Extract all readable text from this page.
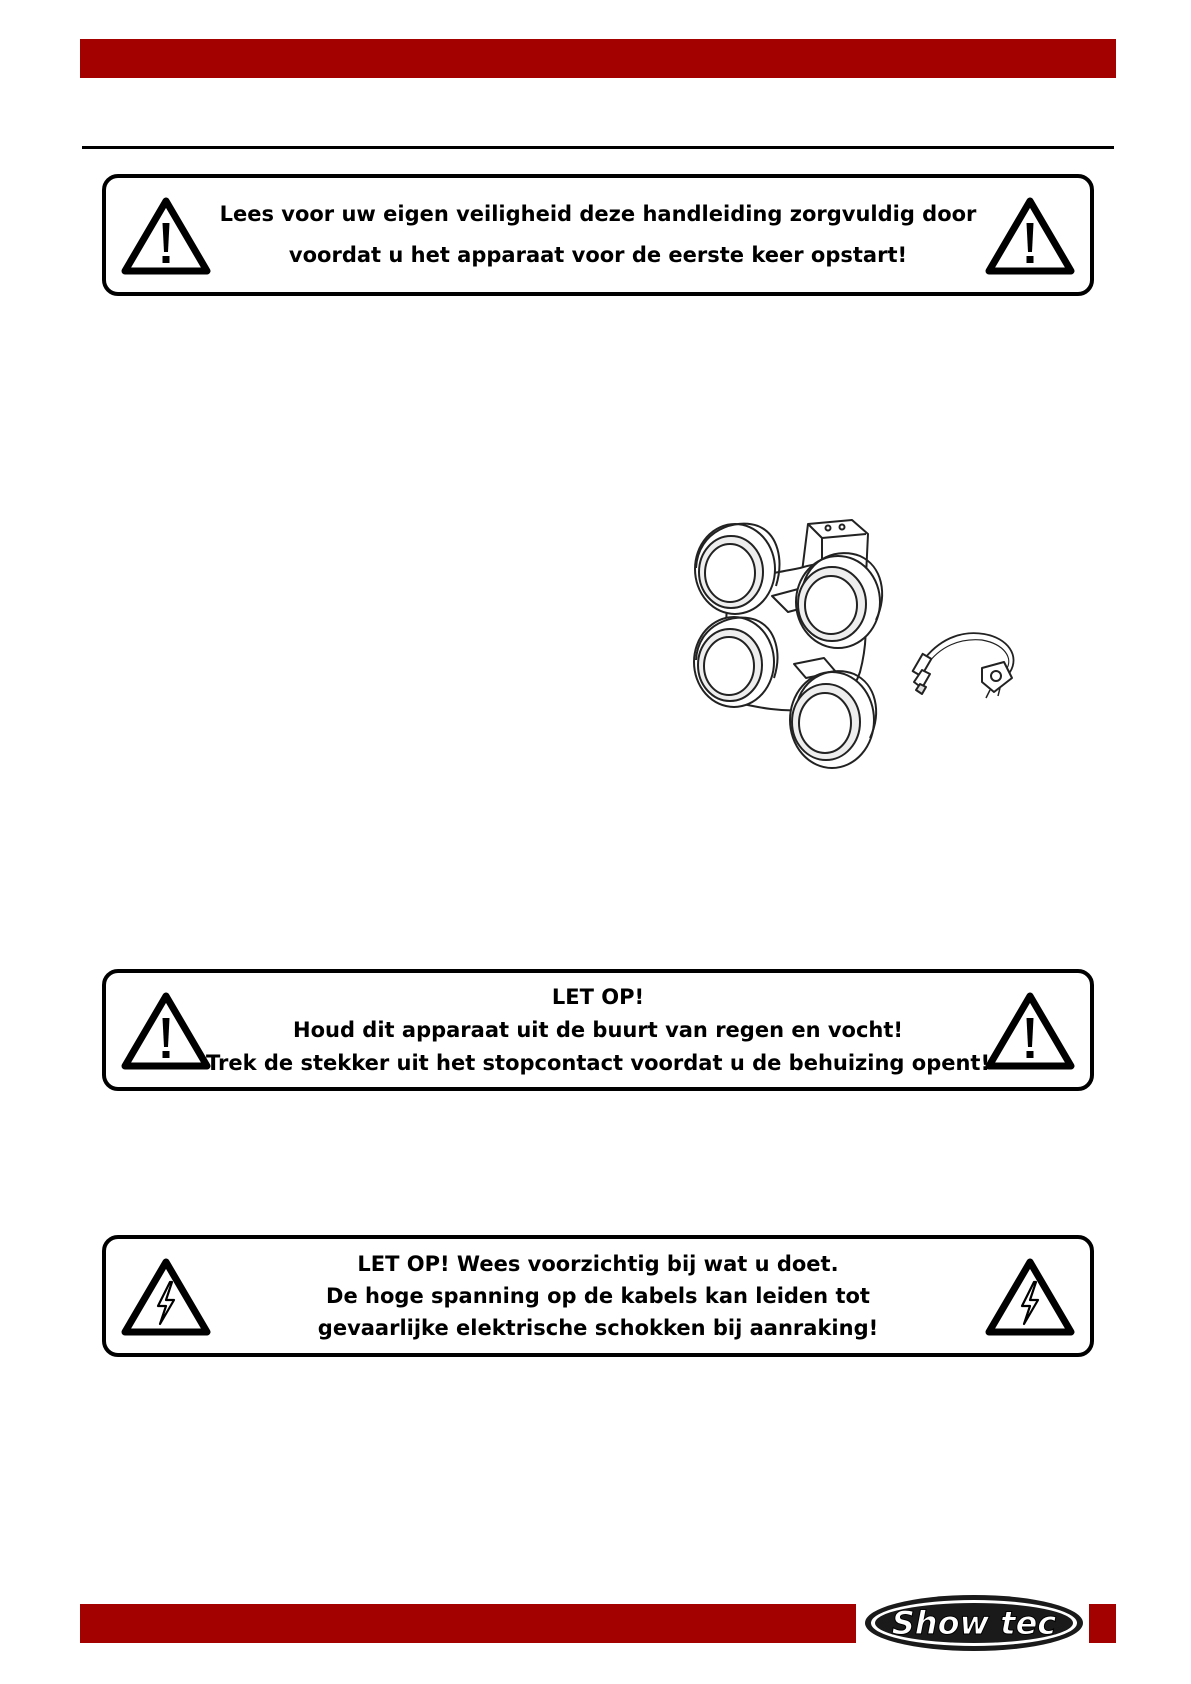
Lees voor uw eigen veiligheid deze handleiding zorgvuldig door
voordat u het apparaat voor de eerste keer opstart!
LET OP!
Houd dit apparaat uit de buurt van regen en vocht!
Trek de stekker uit het stopcontact voordat u de behuizing opent!
LET OP! Wees voorzichtig bij wat u doet.
De hoge spanning op de kabels kan leiden tot
gevaarlijke elektrische schokken bij aanraking!
Show tec
